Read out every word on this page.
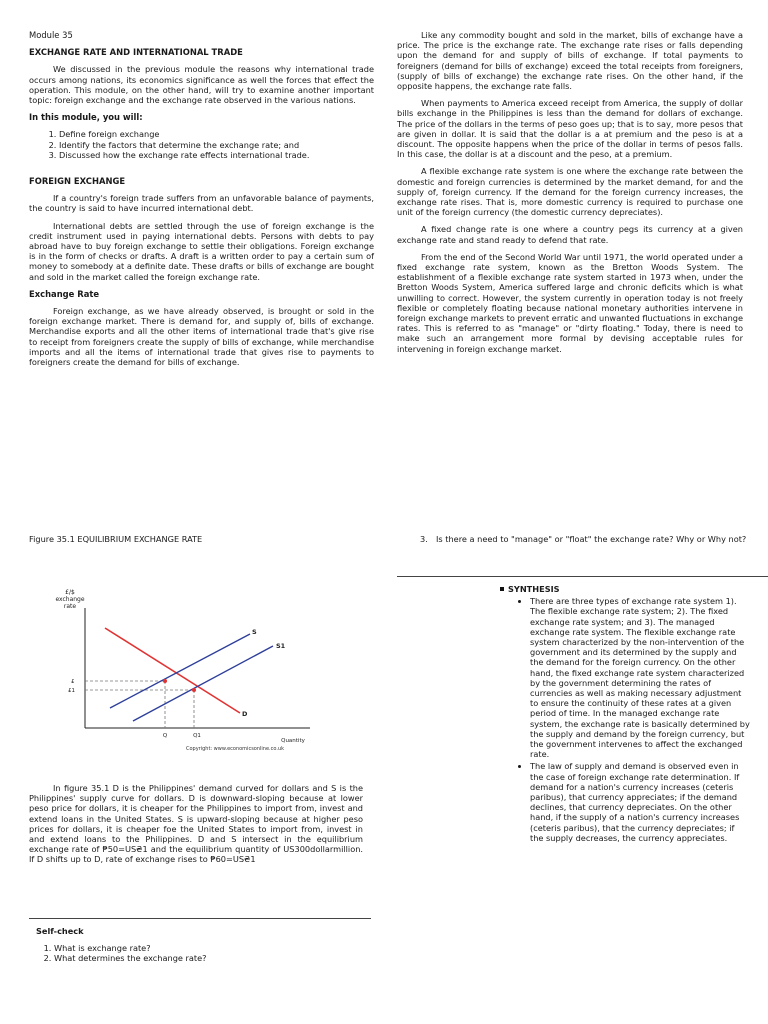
Module 35
EXCHANGE RATE AND INTERNATIONAL TRADE

We discussed in the previous module the reasons why international trade occurs among nations, its economics significance as well the forces that effect the operation. This module, on the other hand, will try to examine another important topic: foreign exchange and the exchange rate observed in the various nations.

In this module, you will:
1. Define foreign exchange
2. Identify the factors that determine the exchange rate; and
3. Discussed how the exchange rate effects international trade.
FOREIGN EXCHANGE

If a country's foreign trade suffers from an unfavorable balance of payments, the country is said to have incurred international debt.

International debts are settled through the use of foreign exchange is the credit instrument used in paying international debts. Persons with debts to pay abroad have to buy foreign exchange to settle their obligations. Foreign exchange is in the form of checks or drafts. A draft is a written order to pay a certain sum of money to somebody at a definite date. These drafts or bills of exchange are bought and sold in the market called the foreign exchange rate.

Exchange Rate

Foreign exchange, as we have already observed, is brought or sold in the foreign exchange market. There is demand for, and supply of, bills of exchange. Merchandise exports and all the other items of international trade that's give rise to receipt from foreigners create the supply of bills of exchange, while merchandise imports and all the items of international trade that gives rise to payments to foreigners create the demand for bills of exchange.

Like any commodity bought and sold in the market, bills of exchange have a price. The price is the exchange rate. The exchange rate rises or falls depending upon the demand for and supply of bills of exchange. If total payments to foreigners (demand for bills of exchange) exceed the total receipts from foreigners, (supply of bills of exchange) the exchange rate rises. On the other hand, if the opposite happens, the exchange rate falls.

When payments to America exceed receipt from America, the supply of dollar bills exchange in the Philippines is less than the demand for dollars of exchange. The price of the dollars in the terms of peso goes up; that is to say, more pesos that are given in dollar. It is said that the dollar is a at premium and the peso is at a discount. The opposite happens when the price of the dollar in terms of pesos falls. In this case, the dollar is at a discount and the peso, at a premium.

A flexible exchange rate system is one where the exchange rate between the domestic and foreign currencies is determined by the market demand, for and the supply of, foreign currency. If the demand for the foreign currency increases, the exchange rate rises. That is, more domestic currency is required to purchase one unit of the foreign currency (the domestic currency depreciates).

A fixed change rate is one where a country pegs its currency at a given exchange rate and stand ready to defend that rate.

From the end of the Second World War until 1971, the world operated under a fixed exchange rate system, known as the Bretton Woods System. The establishment of a flexible exchange rate system started in 1973 when, under the Bretton Woods System, America suffered large and chronic deficits which is what unwilling to correct. However, the system currently in operation today is not freely flexible or completely floating because national monetary authorities intervene in foreign exchange markets to prevent erratic and unwanted fluctuations in exchange rates. This is referred to as "manage" or "dirty floating." Today, there is need to make such an arrangement more formal by devising acceptable rules for intervening in foreign exchange market.

Figure 35.1 EQUILIBRIUM EXCHANGE RATE	3. Is there a need to "manage" or "float" the exchange rate? Why or Why not?
£/$
exchange
rate
S
S1
D
£
£1
Q	Q1
Quantity
Copyright: www.economicsonline.co.uk

In figure 35.1 D is the Philippines' demand curved for dollars and S is the Philippines' supply curve for dollars. D is downward-sloping because at lower peso price for dollars, it is cheaper for the Philippines to import from, invest and extend loans in the United States. S is upward-sloping because at higher peso prices for dollars, it is cheaper foe the United States to import from, invest in and extend loans to the Philippines. D and S intersect in the equilibrium exchange rate of ₱50=US₴1 and the equilibrium quantity of US300dollarmillion. If D shifts up to D, rate of exchange rises to ₱60=US₴1

Self-check
1. What is exchange rate?
2. What determines the exchange rate?
SYNTHESIS
• There are three types of exchange rate system 1). The flexible exchange rate system; 2). The fixed exchange rate system; and 3). The managed exchange rate system. The flexible exchange rate system characterized by the non-intervention of the government and its determined by the supply and the demand for the foreign currency. On the other hand, the fixed exchange rate system characterized by the government determining the rates of currencies as well as making necessary adjustment to ensure the continuity of these rates at a given period of time. In the managed exchange rate system, the exchange rate is basically determined by the supply and demand by the foreign currency, but the government intervenes to affect the exchanged rate.
• The law of supply and demand is observed even in the case of foreign exchange rate determination. If demand for a nation's currency increases (ceteris paribus), that currency appreciates; if the demand declines, that currency depreciates. On the other hand, if the supply of a nation's currency increases (ceteris paribus), that the currency depreciates; if the supply decreases, the currency appreciates.
